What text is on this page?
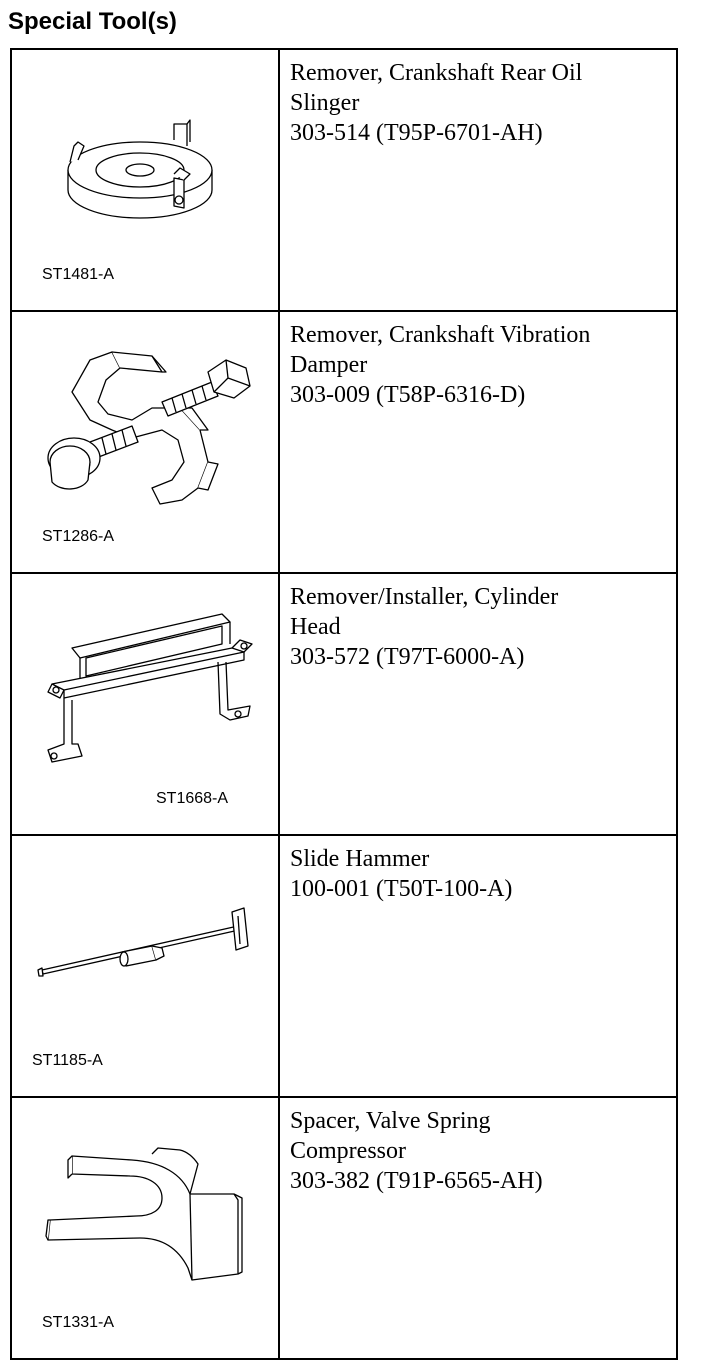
Special Tool(s)
ST1481-A	Remover, Crankshaft Rear Oil
Slinger
303-514 (T95P-6701-AH)

ST1286-A	Remover, Crankshaft Vibration
Damper
303-009 (T58P-6316-D)

ST1668-A	Remover/Installer, Cylinder
Head
303-572 (T97T-6000-A)

ST1185-A	Slide Hammer
100-001 (T50T-100-A)

ST1331-A	Spacer, Valve Spring
Compressor
303-382 (T91P-6565-AH)
